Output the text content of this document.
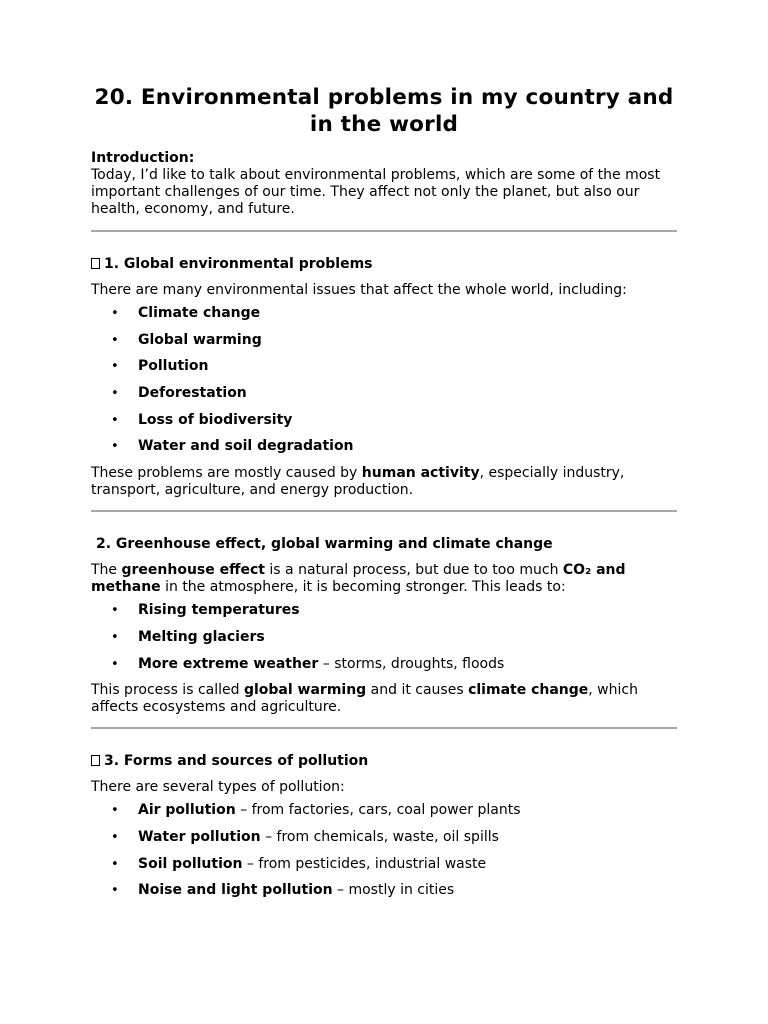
20. Environmental problems in my country and in the world
Introduction:
Today, I’d like to talk about environmental problems, which are some of the most important challenges of our time. They affect not only the planet, but also our health, economy, and future.
1. Global environmental problems
There are many environmental issues that affect the whole world, including:
• Climate change
• Global warming
• Pollution
• Deforestation
• Loss of biodiversity
• Water and soil degradation
These problems are mostly caused by human activity, especially industry, transport, agriculture, and energy production.
2. Greenhouse effect, global warming and climate change
The greenhouse effect is a natural process, but due to too much CO₂ and methane in the atmosphere, it is becoming stronger. This leads to:
• Rising temperatures
• Melting glaciers
• More extreme weather – storms, droughts, floods
This process is called global warming and it causes climate change, which affects ecosystems and agriculture.
3. Forms and sources of pollution
There are several types of pollution:
• Air pollution – from factories, cars, coal power plants
• Water pollution – from chemicals, waste, oil spills
• Soil pollution – from pesticides, industrial waste
• Noise and light pollution – mostly in cities
